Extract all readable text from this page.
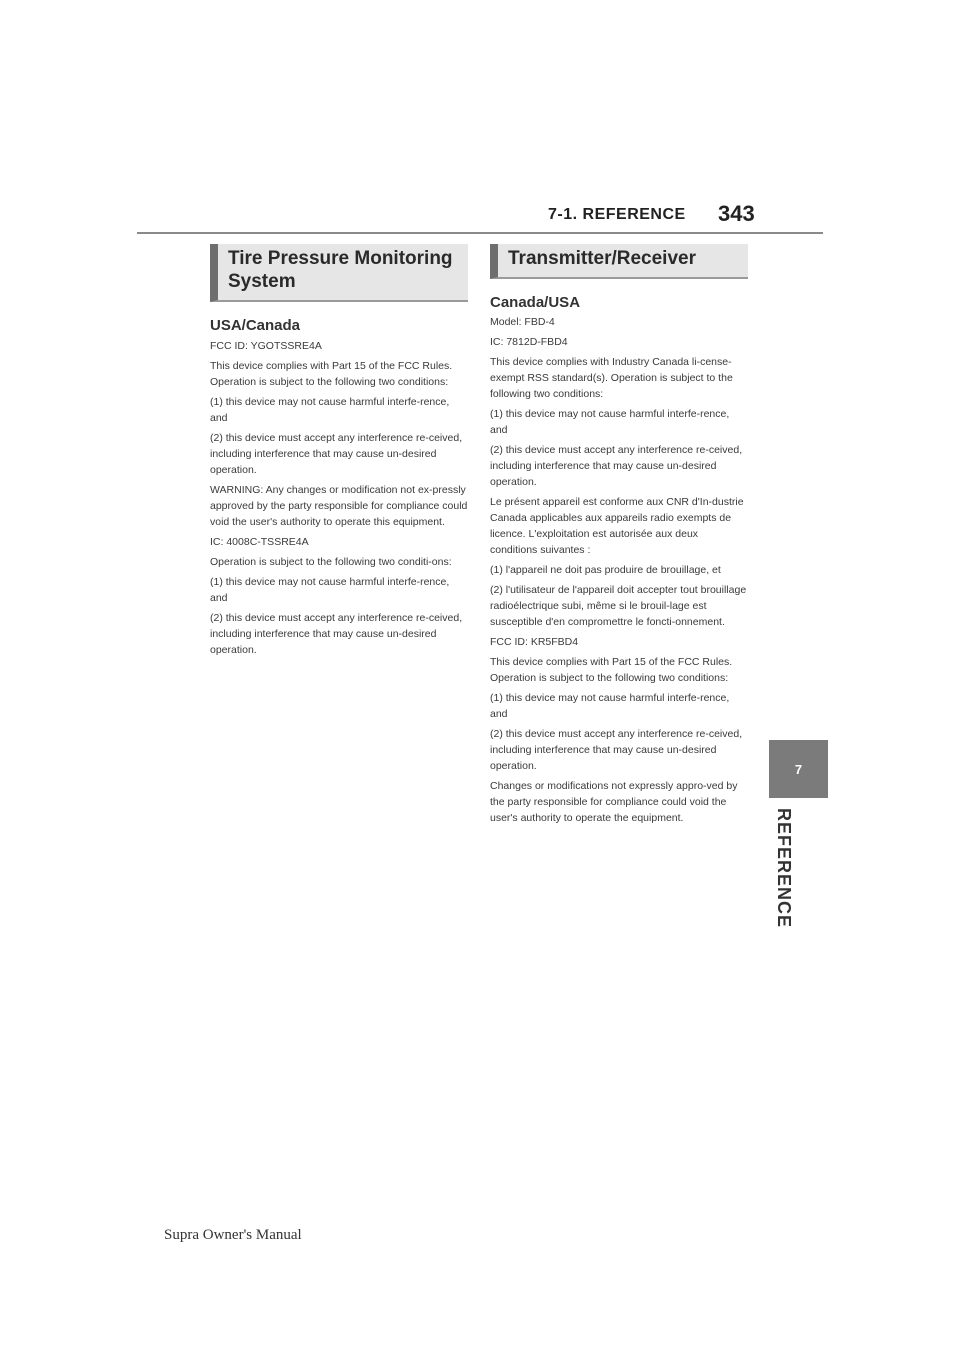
7-1. REFERENCE 343
7
REFERENCE
Tire Pressure Monitoring System
USA/Canada

FCC ID: YGOTSSRE4A

This device complies with Part 15 of the FCC Rules. Operation is subject to the following two conditions:

(1) this device may not cause harmful interfe-rence, and

(2) this device must accept any interference re-ceived, including interference that may cause un-desired operation.

WARNING: Any changes or modification not ex-pressly approved by the party responsible for compliance could void the user's authority to operate this equipment.

IC: 4008C-TSSRE4A

Operation is subject to the following two conditi-ons:

(1) this device may not cause harmful interfe-rence, and

(2) this device must accept any interference re-ceived, including interference that may cause un-desired operation.

Transmitter/Receiver
Canada/USA

Model: FBD-4

IC: 7812D-FBD4

This device complies with Industry Canada li-cense-exempt RSS standard(s). Operation is subject to the following two conditions:

(1) this device may not cause harmful interfe-rence, and

(2) this device must accept any interference re-ceived, including interference that may cause un-desired operation.

Le présent appareil est conforme aux CNR d'In-dustrie Canada applicables aux appareils radio exempts de licence. L'exploitation est autorisée aux deux conditions suivantes :

(1) l'appareil ne doit pas produire de brouillage, et

(2) l'utilisateur de l'appareil doit accepter tout brouillage radioélectrique subi, même si le brouil-lage est susceptible d'en compromettre le foncti-onnement.

FCC ID: KR5FBD4

This device complies with Part 15 of the FCC Rules. Operation is subject to the following two conditions:

(1) this device may not cause harmful interfe-rence, and

(2) this device must accept any interference re-ceived, including interference that may cause un-desired operation.

Changes or modifications not expressly appro-ved by the party responsible for compliance could void the user's authority to operate the equipment.

Supra Owner's Manual
